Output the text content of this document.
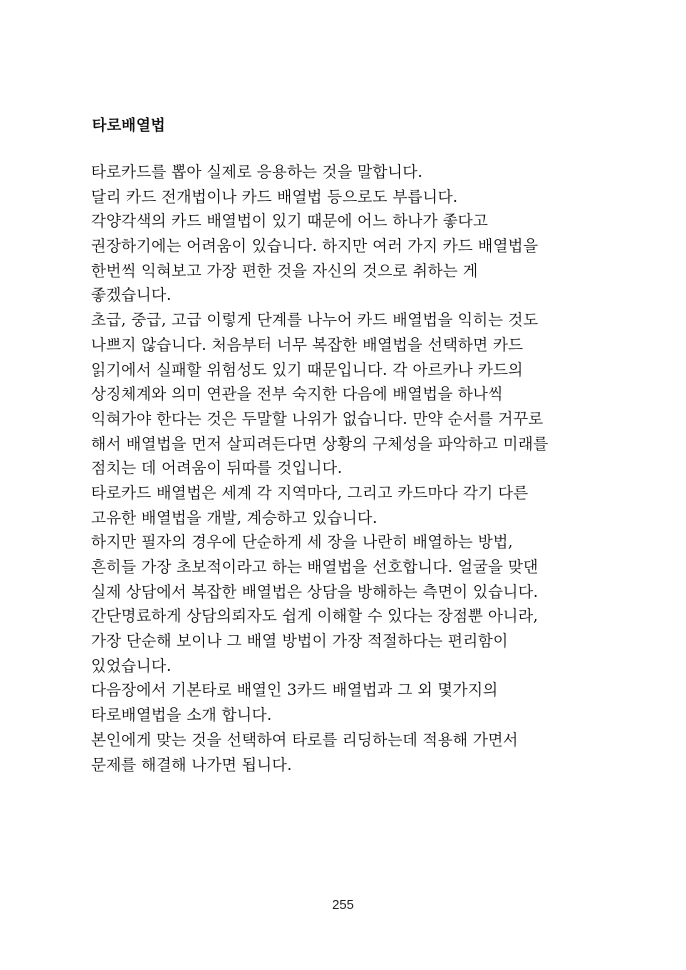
타로배열법
타로카드를 뽑아 실제로 응용하는 것을 말합니다.
달리 카드 전개법이나 카드 배열법 등으로도 부릅니다.
각양각색의 카드 배열법이 있기 때문에 어느 하나가 좋다고
권장하기에는 어려움이 있습니다. 하지만 여러 가지 카드 배열법을
한번씩 익혀보고 가장 편한 것을 자신의 것으로 취하는 게
좋겠습니다.
초급, 중급, 고급 이렇게 단계를 나누어 카드 배열법을 익히는 것도
나쁘지 않습니다. 처음부터 너무 복잡한 배열법을 선택하면 카드
읽기에서 실패할 위험성도 있기 때문입니다. 각 아르카나 카드의
상징체계와 의미 연관을 전부 숙지한 다음에 배열법을 하나씩
익혀가야 한다는 것은 두말할 나위가 없습니다. 만약 순서를 거꾸로
해서 배열법을 먼저 살피려든다면 상황의 구체성을 파악하고 미래를
점치는 데 어려움이 뒤따를 것입니다.
타로카드 배열법은 세계 각 지역마다, 그리고 카드마다 각기 다른
고유한 배열법을 개발, 계승하고 있습니다.
하지만 필자의 경우에 단순하게 세 장을 나란히 배열하는 방법,
흔히들 가장 초보적이라고 하는 배열법을 선호합니다. 얼굴을 맞댄
실제 상담에서 복잡한 배열법은 상담을 방해하는 측면이 있습니다.
간단명료하게 상담의뢰자도 쉽게 이해할 수 있다는 장점뿐 아니라,
가장 단순해 보이나 그 배열 방법이 가장 적절하다는 편리함이
있었습니다.
다음장에서 기본타로 배열인 3카드 배열법과 그 외 몇가지의
타로배열법을 소개 합니다.
본인에게 맞는 것을 선택하여 타로를 리딩하는데 적용해 가면서
문제를 해결해 나가면 됩니다.
255
